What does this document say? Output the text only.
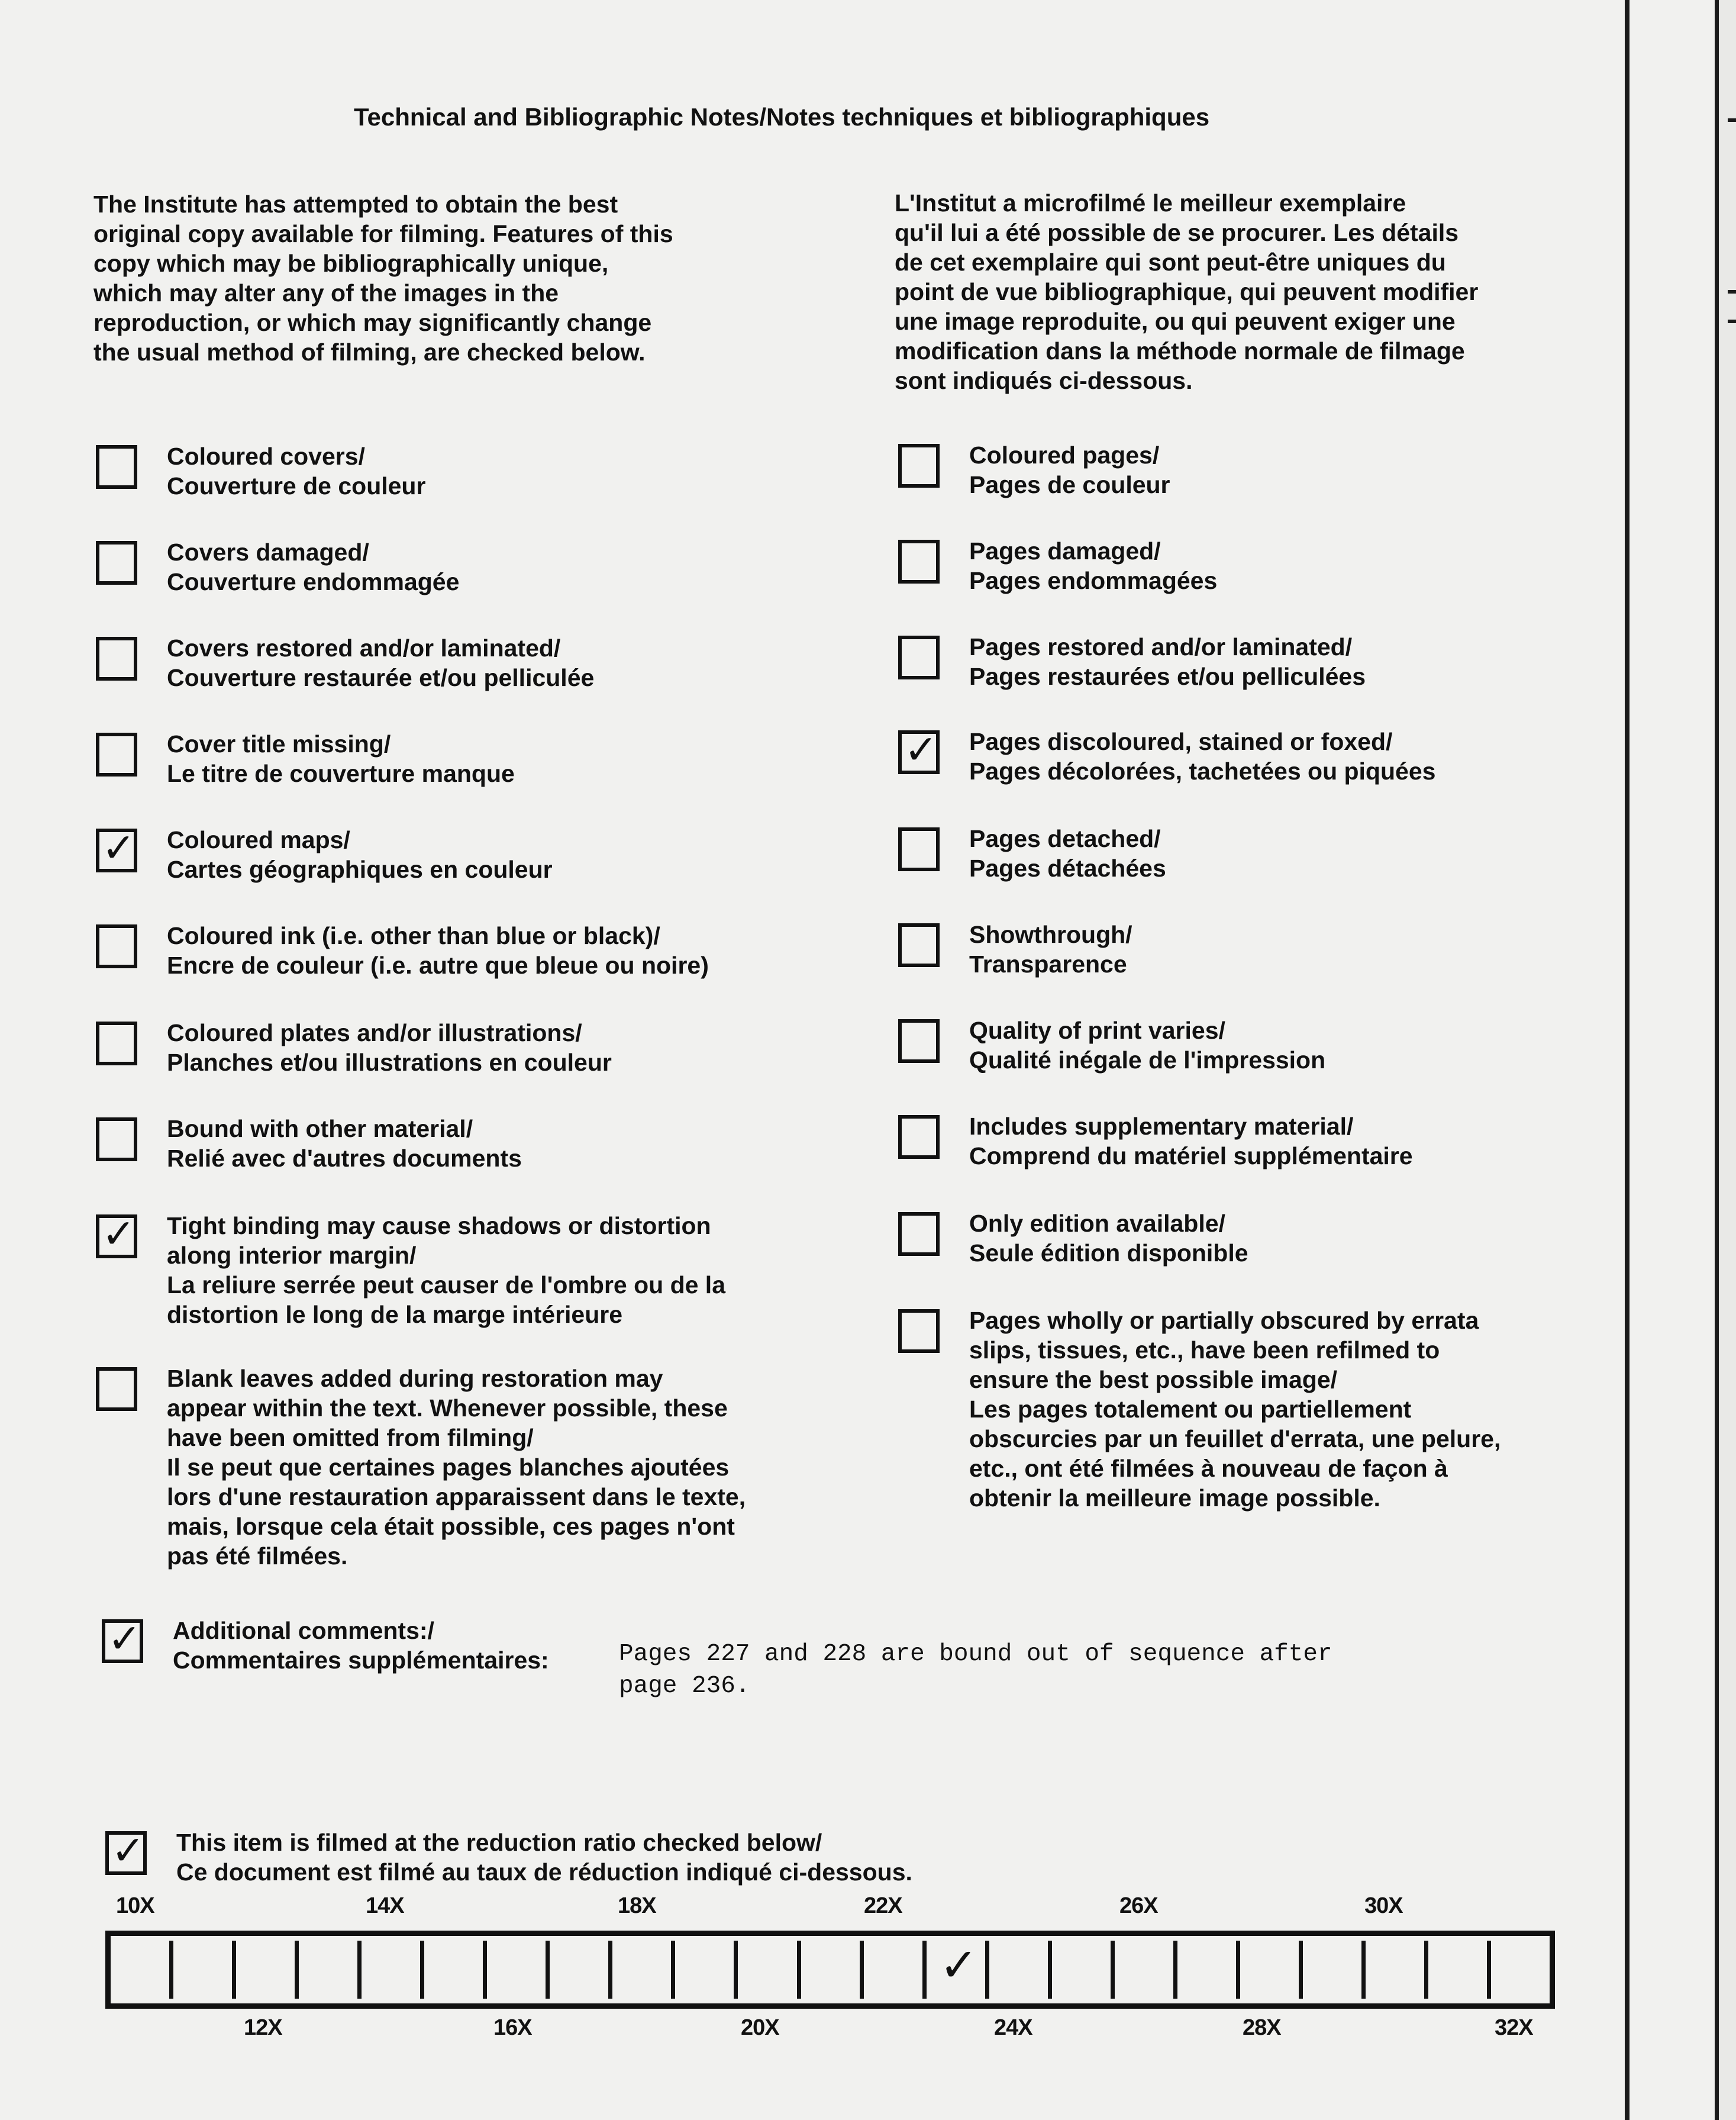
Technical and Bibliographic Notes/Notes techniques et bibliographiques
The Institute has attempted to obtain the best
original copy available for filming. Features of this
copy which may be bibliographically unique,
which may alter any of the images in the
reproduction, or which may significantly change
the usual method of filming, are checked below.
L'Institut a microfilmé le meilleur exemplaire
qu'il lui a été possible de se procurer. Les détails
de cet exemplaire qui sont peut-être uniques du
point de vue bibliographique, qui peuvent modifier
une image reproduite, ou qui peuvent exiger une
modification dans la méthode normale de filmage
sont indiqués ci-dessous.
Coloured covers/
Couverture de couleur
Covers damaged/
Couverture endommagée
Covers restored and/or laminated/
Couverture restaurée et/ou pelliculée
Cover title missing/
Le titre de couverture manque
✓ Coloured maps/
Cartes géographiques en couleur
Coloured ink (i.e. other than blue or black)/
Encre de couleur (i.e. autre que bleue ou noire)
Coloured plates and/or illustrations/
Planches et/ou illustrations en couleur
Bound with other material/
Relié avec d'autres documents
✓ Tight binding may cause shadows or distortion
along interior margin/
La reliure serrée peut causer de l'ombre ou de la
distortion le long de la marge intérieure
Blank leaves added during restoration may
appear within the text. Whenever possible, these
have been omitted from filming/
Il se peut que certaines pages blanches ajoutées
lors d'une restauration apparaissent dans le texte,
mais, lorsque cela était possible, ces pages n'ont
pas été filmées.
Coloured pages/
Pages de couleur
Pages damaged/
Pages endommagées
Pages restored and/or laminated/
Pages restaurées et/ou pelliculées
✓ Pages discoloured, stained or foxed/
Pages décolorées, tachetées ou piquées
Pages detached/
Pages détachées
Showthrough/
Transparence
Quality of print varies/
Qualité inégale de l'impression
Includes supplementary material/
Comprend du matériel supplémentaire
Only edition available/
Seule édition disponible
Pages wholly or partially obscured by errata
slips, tissues, etc., have been refilmed to
ensure the best possible image/
Les pages totalement ou partiellement
obscurcies par un feuillet d'errata, une pelure,
etc., ont été filmées à nouveau de façon à
obtenir la meilleure image possible.
✓ Additional comments:/
Commentaires supplémentaires:	Pages 227 and 228 are bound out of sequence after
page 236.
✓ This item is filmed at the reduction ratio checked below/
Ce document est filmé au taux de réduction indiqué ci-dessous.
10X	14X	18X	22X	26X	30X
✓
12X	16X	20X	24X	28X	32X
